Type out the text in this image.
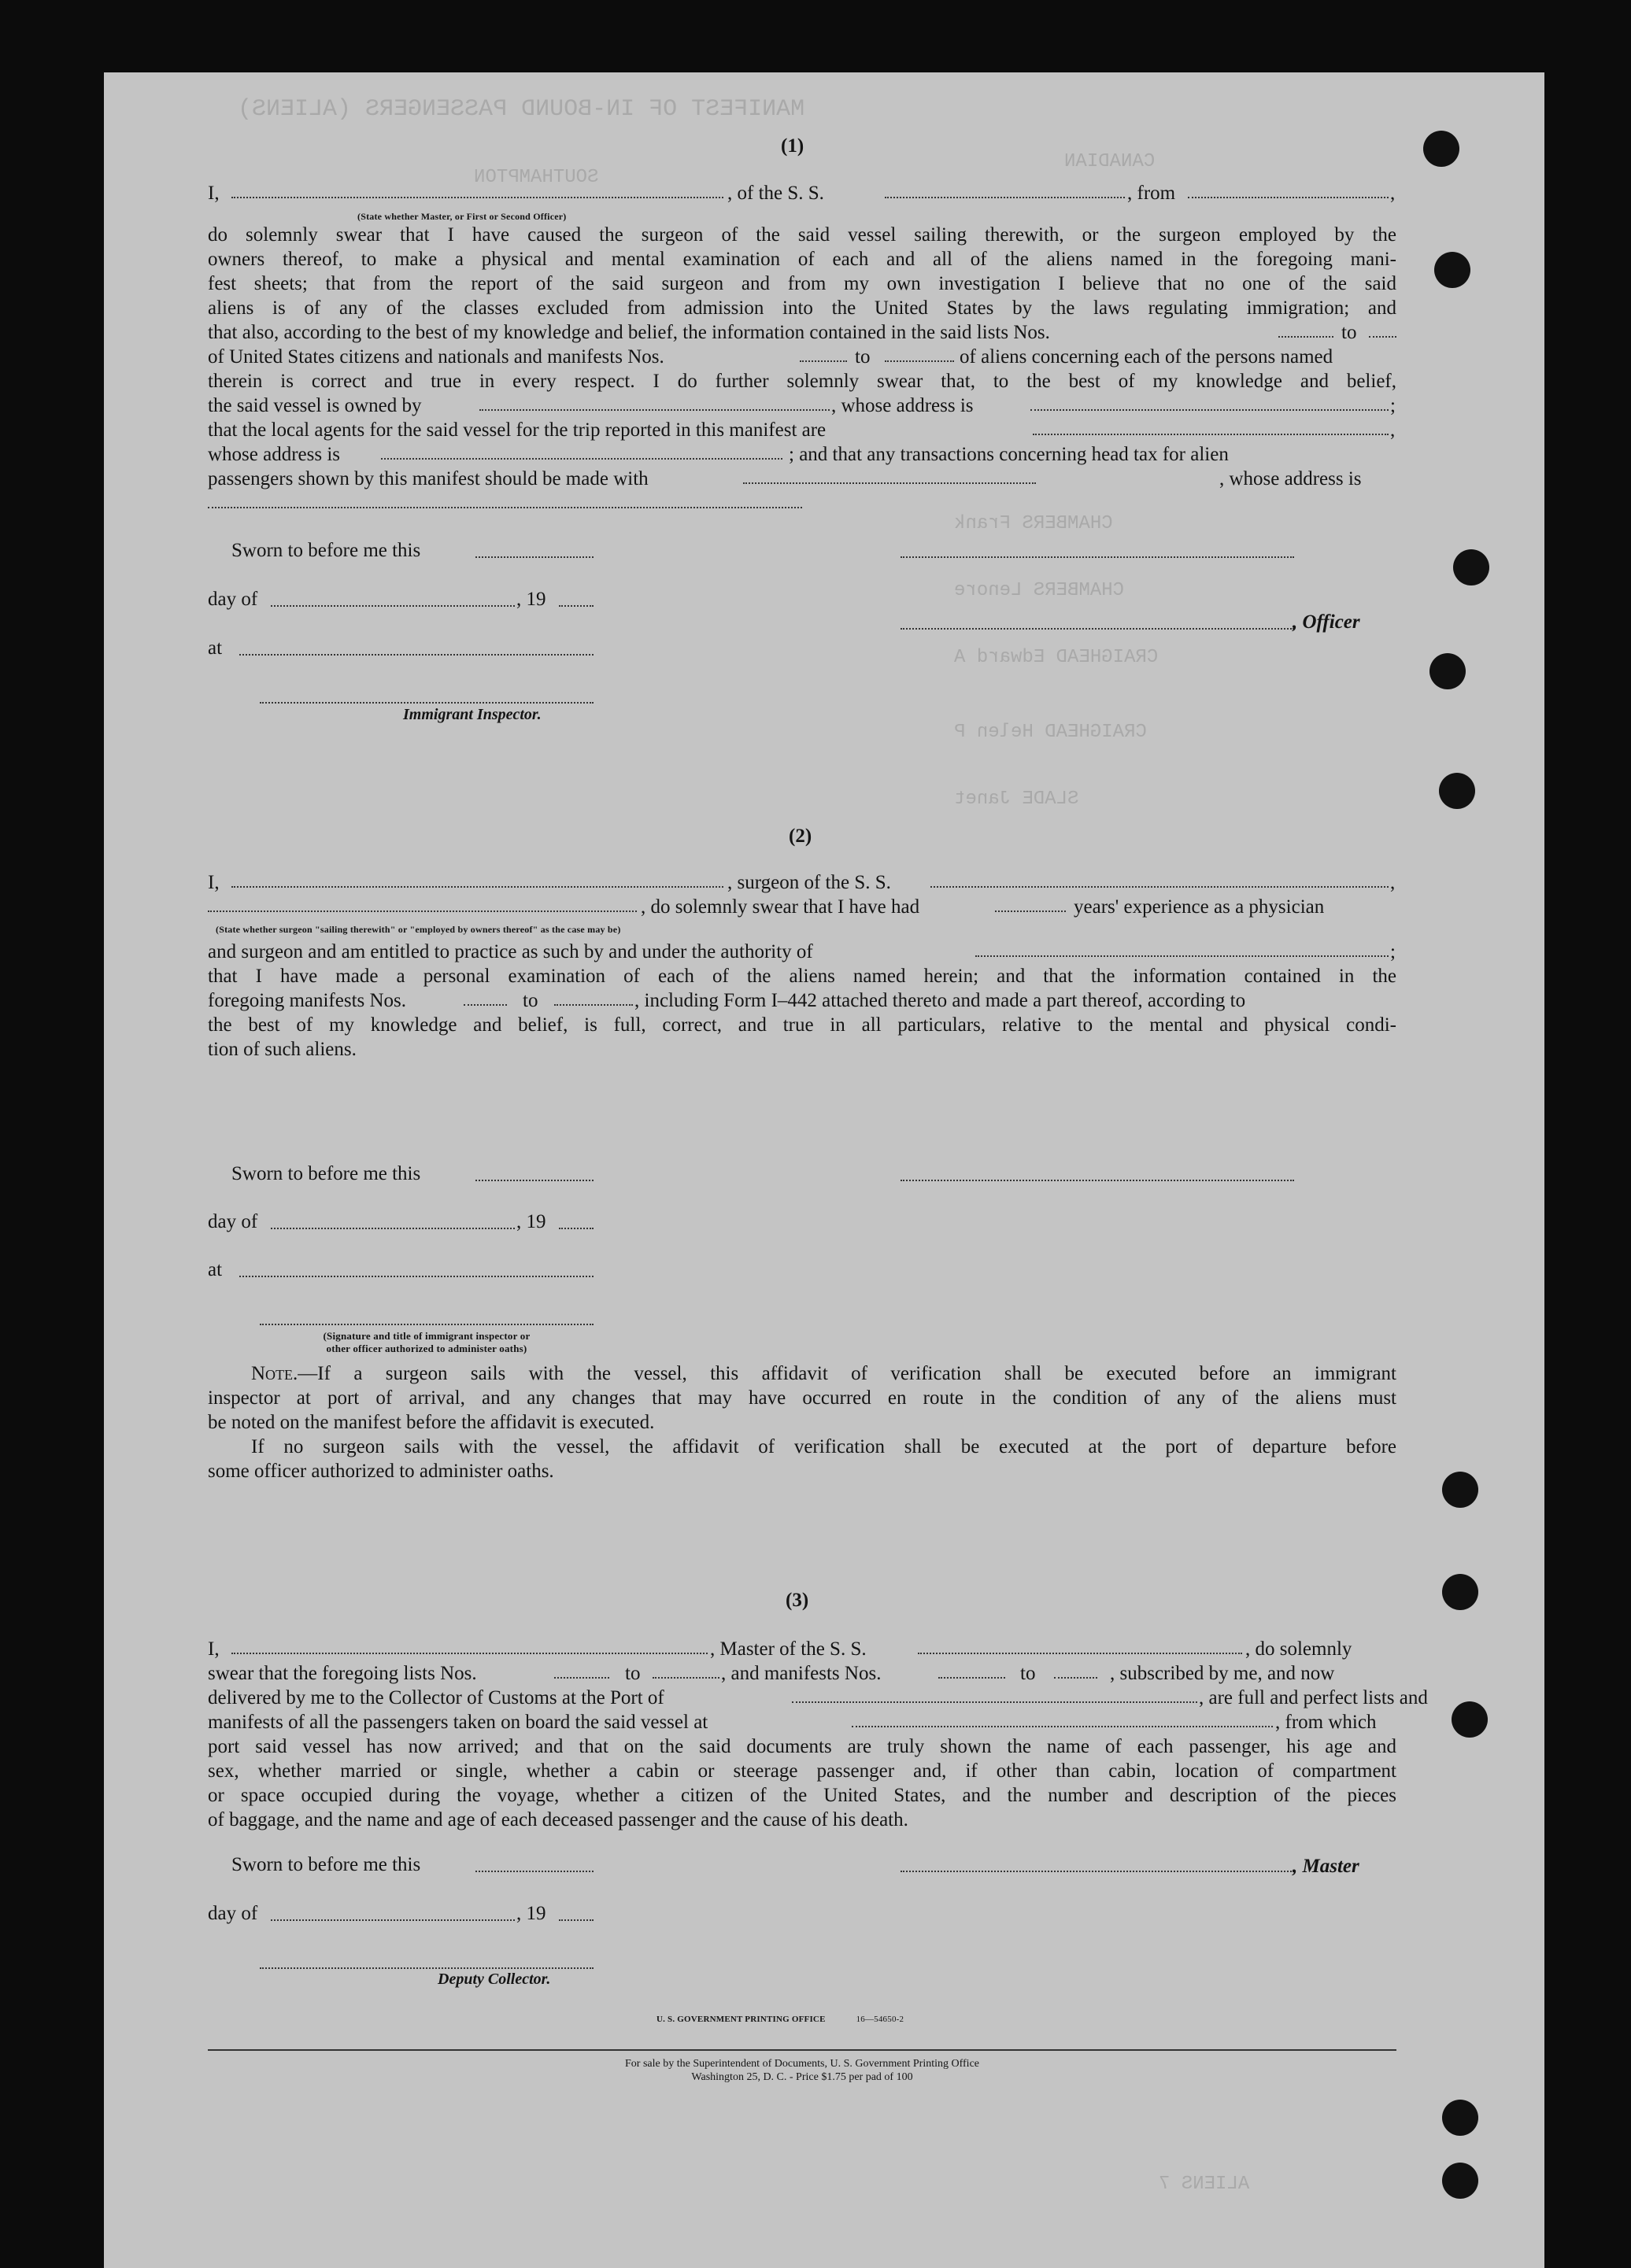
MANIFEST OF IN-BOUND PASSENGERS (ALIENS)
SOUTHAMPTON
CANADIAN
CHAMBERS Frank
CHAMBERS Lenore
CRAIGHEAD Edward A
CRAIGHEAD Helen P
SLADE Janet
ALIENS 7
(1)
I,	, of the S. S.	, from	,
(State whether Master, or First or Second Officer)
do solemnly swear that I have caused the surgeon of the said vessel sailing therewith, or the surgeon employed by the
owners thereof, to make a physical and mental examination of each and all of the aliens named in the foregoing mani-
fest sheets; that from the report of the said surgeon and from my own investigation I believe that no one of the said
aliens is of any of the classes excluded from admission into the United States by the laws regulating immigration; and
that also, according to the best of my knowledge and belief, the information contained in the said lists Nos.	to
of United States citizens and nationals and manifests Nos.	to	of aliens concerning each of the persons named
therein is correct and true in every respect. I do further solemnly swear that, to the best of my knowledge and belief,
the said vessel is owned by	, whose address is	;
that the local agents for the said vessel for the trip reported in this manifest are	,
whose address is	; and that any transactions concerning head tax for alien
passengers shown by this manifest should be made with	, whose address is
Sworn to before me this
day of	, 19
, Officer
at
Immigrant Inspector.
(2)
I,	, surgeon of the S. S.	,
, do solemnly swear that I have had	years' experience as a physician
(State whether surgeon "sailing therewith" or "employed by owners thereof" as the case may be)
and surgeon and am entitled to practice as such by and under the authority of	;
that I have made a personal examination of each of the aliens named herein; and that the information contained in the
foregoing manifests Nos.	to	, including Form I–442 attached thereto and made a part thereof, according to
the best of my knowledge and belief, is full, correct, and true in all particulars, relative to the mental and physical condi-
tion of such aliens.
Sworn to before me this
day of	, 19
at
(Signature and title of immigrant inspector or
other officer authorized to administer oaths)
Note.—If a surgeon sails with the vessel, this affidavit of verification shall be executed before an immigrant
inspector at port of arrival, and any changes that may have occurred en route in the condition of any of the aliens must
be noted on the manifest before the affidavit is executed.
If no surgeon sails with the vessel, the affidavit of verification shall be executed at the port of departure before
some officer authorized to administer oaths.
(3)
I,	, Master of the S. S.	, do solemnly
swear that the foregoing lists Nos.	to	, and manifests Nos.	to	, subscribed by me, and now
delivered by me to the Collector of Customs at the Port of	, are full and perfect lists and
manifests of all the passengers taken on board the said vessel at	, from which
port said vessel has now arrived; and that on the said documents are truly shown the name of each passenger, his age and
sex, whether married or single, whether a cabin or steerage passenger and, if other than cabin, location of compartment
or space occupied during the voyage, whether a citizen of the United States, and the number and description of the pieces
of baggage, and the name and age of each deceased passenger and the cause of his death.
Sworn to before me this	, Master
day of	, 19
Deputy Collector.
U. S. GOVERNMENT PRINTING OFFICE	16—54650-2
For sale by the Superintendent of Documents, U. S. Government Printing Office
Washington 25, D. C. - Price $1.75 per pad of 100
